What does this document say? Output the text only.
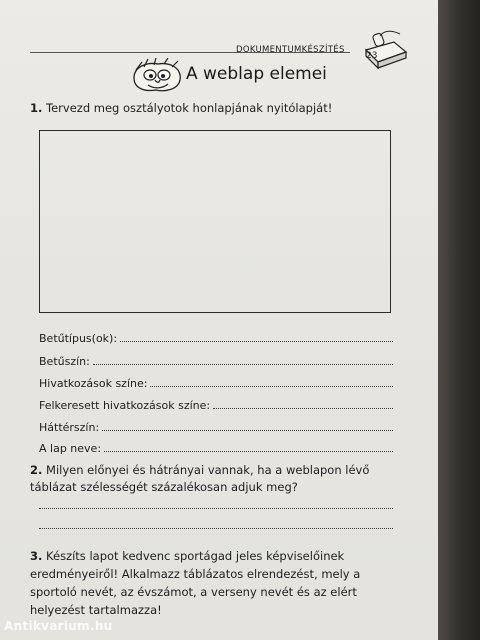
DOKUMENTUMKÉSZÍTÉS
23
A weblap elemei
1. Tervezd meg osztályotok honlapjának nyitólapját!
Betűtípus(ok):
Betűszín:
Hivatkozások színe:
Felkeresett hivatkozások színe:
Háttérszín:
A lap neve:
2. Milyen előnyei és hátrányai vannak, ha a weblapon lévő táblázat szélességét százalékosan adjuk meg?
3. Készíts lapot kedvenc sportágad jeles képviselőinek eredményeiről! Alkalmazz táblázatos elrendezést, mely a sportoló nevét, az évszámot, a verseny nevét és az elért helyezést tartalmazza!
Antikvarium.hu
